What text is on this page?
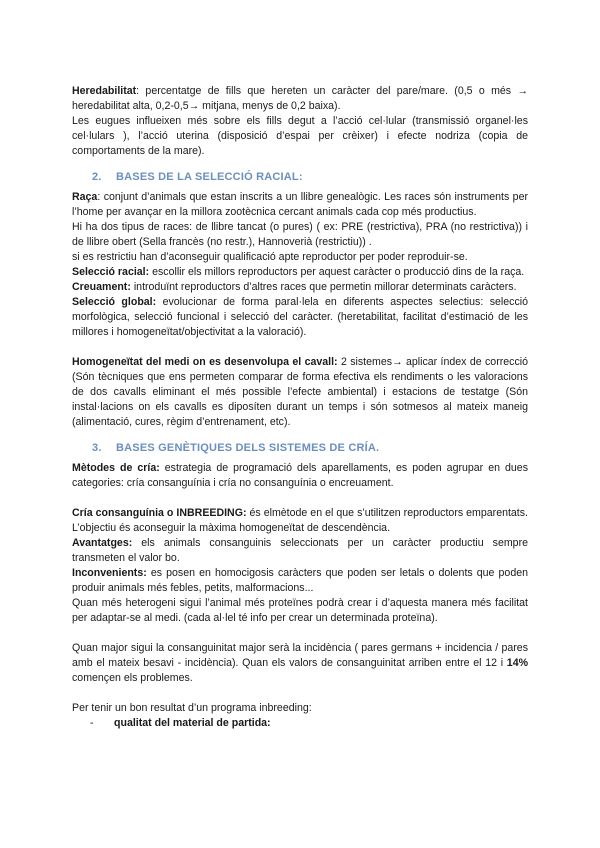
Heredabilitat: percentatge de fills que hereten un caràcter del pare/mare. (0,5 o més → heredabilitat alta, 0,2-0,5→ mitjana, menys de 0,2 baixa).

Les eugues influeixen més sobre els fills degut a l’acció cel·lular (transmissió organel·les cel·lulars ), l’acció uterina (disposició d’espai per crèixer) i efecte nodriza (copia de comportaments de la mare).

2. BASES DE LA SELECCIÓ RACIAL:

Raça: conjunt d’animals que estan inscrits a un llibre genealògic. Les races són instruments per l’home per avançar en la millora zootècnica cercant animals cada cop més productius.

Hi ha dos tipus de races: de llibre tancat (o pures) ( ex: PRE (restrictiva), PRA (no restrictiva)) i de llibre obert (Sella francès (no restr.), Hannoverià (restrictiu)) .

si es restrictiu han d’aconseguir qualificació apte reproductor per poder reproduir-se.

Selecció racial: escollir els millors reproductors per aquest caràcter o producció dins de la raça.

Creuament: introduïnt reproductors d’altres races que permetin millorar determinats caràcters.

Selecció global: evolucionar de forma paral·lela en diferents aspectes selectius: selecció morfològica, selecció funcional i selecció del caràcter. (heretabilitat, facilitat d’estimació de les millores i homogeneïtat/objectivitat a la valoració).

Homogeneïtat del medi on es desenvolupa el cavall: 2 sistemes→ aplicar índex de correcció (Són tècniques que ens permeten comparar de forma efectiva els rendiments o les valoracions de dos cavalls eliminant el més possible l’efecte ambiental) i estacions de testatge (Són instal·lacions on els cavalls es diposíten durant un temps i són sotmesos al mateix maneig (alimentació, cures, règim d’entrenament, etc).

3. BASES GENÈTIQUES DELS SISTEMES DE CRÍA.

Mètodes de cría: estrategia de programació dels aparellaments, es poden agrupar en dues categories: cría consanguínia i cría no consanguínia o encreuament.

Cría consanguínia o INBREEDING: és elmètode en el que s’utilitzen reproductors emparentats. L’objectiu és aconseguir la màxima homogeneïtat de descendència.

Avantatges: els animals consanguinis seleccionats per un caràcter productiu sempre transmeten el valor bo.

Inconvenients: es posen en homocigosis caràcters que poden ser letals o dolents que poden produir animals més febles, petits, malformacions...

Quan més heterogeni sigui l’animal més proteïnes podrà crear i d’aquesta manera més facilitat per adaptar-se al medi. (cada al·lel té info per crear un determinada proteïna).

Quan major sigui la consanguinitat major serà la incidència ( pares germans + incidencia / pares amb el mateix besavi - incidència). Quan els valors de consanguinitat arriben entre el 12 i 14% començen els problemes.

Per tenir un bon resultat d’un programa inbreeding:

-	qualitat del material de partida:
